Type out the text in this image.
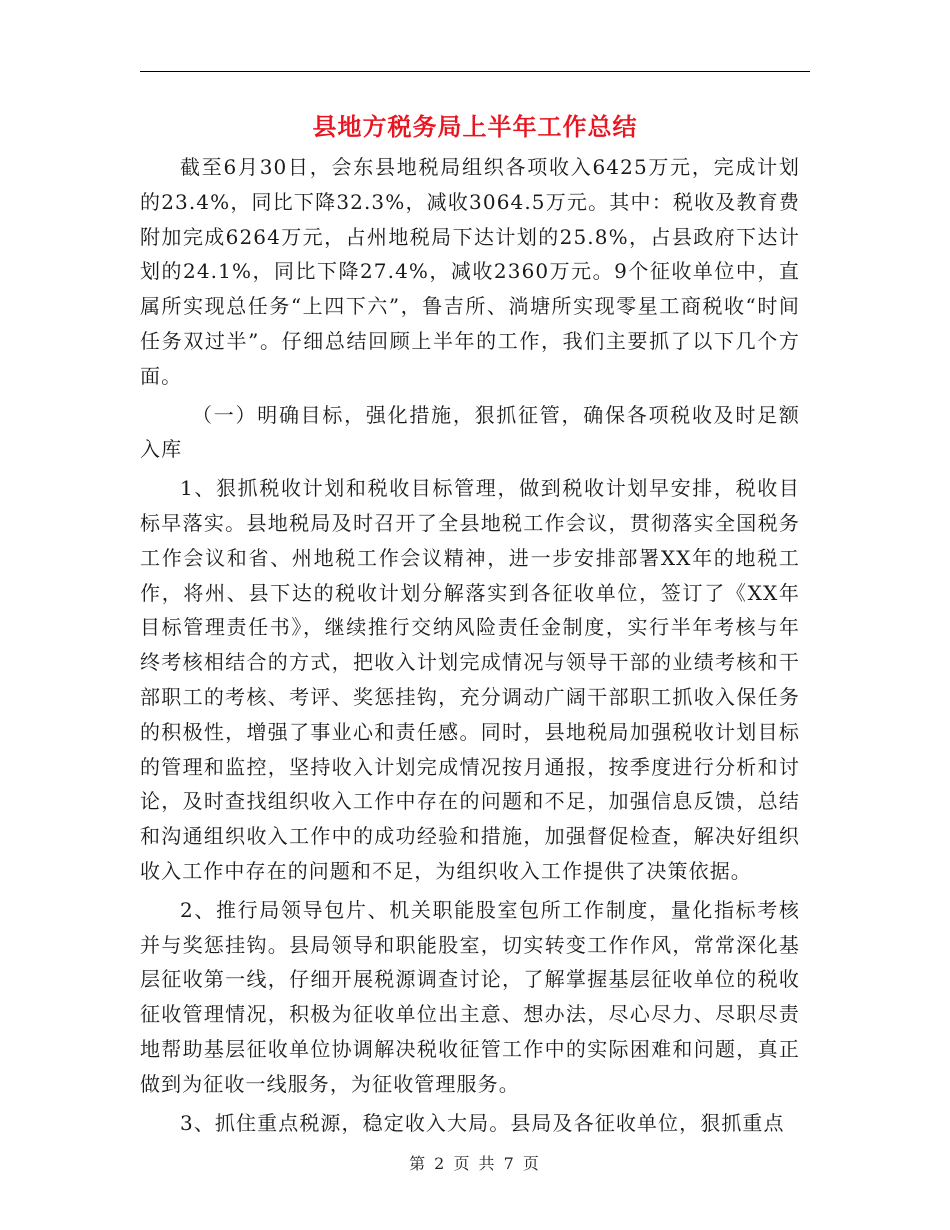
县地方税务局上半年工作总结

截至6月30日，会东县地税局组织各项收入6425万元，完成计划的23.4%，同比下降32.3%，减收3064.5万元。其中：税收及教育费附加完成6264万元，占州地税局下达计划的25.8%，占县政府下达计划的24.1%，同比下降27.4%，减收2360万元。9个征收单位中，直属所实现总任务“上四下六”，鲁吉所、淌塘所实现零星工商税收“时间任务双过半”。仔细总结回顾上半年的工作，我们主要抓了以下几个方面。

（一）明确目标，强化措施，狠抓征管，确保各项税收及时足额入库

1、狠抓税收计划和税收目标管理，做到税收计划早安排，税收目标早落实。县地税局及时召开了全县地税工作会议，贯彻落实全国税务工作会议和省、州地税工作会议精神，进一步安排部署XX年的地税工作，将州、县下达的税收计划分解落实到各征收单位，签订了《XX年目标管理责任书》，继续推行交纳风险责任金制度，实行半年考核与年终考核相结合的方式，把收入计划完成情况与领导干部的业绩考核和干部职工的考核、考评、奖惩挂钩，充分调动广阔干部职工抓收入保任务的积极性，增强了事业心和责任感。同时，县地税局加强税收计划目标的管理和监控，坚持收入计划完成情况按月通报，按季度进行分析和讨论，及时查找组织收入工作中存在的问题和不足，加强信息反馈，总结和沟通组织收入工作中的成功经验和措施，加强督促检查，解决好组织收入工作中存在的问题和不足，为组织收入工作提供了决策依据。

2、推行局领导包片、机关职能股室包所工作制度，量化指标考核并与奖惩挂钩。县局领导和职能股室，切实转变工作作风，常常深化基层征收第一线，仔细开展税源调查讨论，了解掌握基层征收单位的税收征收管理情况，积极为征收单位出主意、想办法，尽心尽力、尽职尽责地帮助基层征收单位协调解决税收征管工作中的实际困难和问题，真正做到为征收一线服务，为征收管理服务。

3、抓住重点税源，稳定收入大局。县局及各征收单位，狠抓重点

第 2 页 共 7 页
